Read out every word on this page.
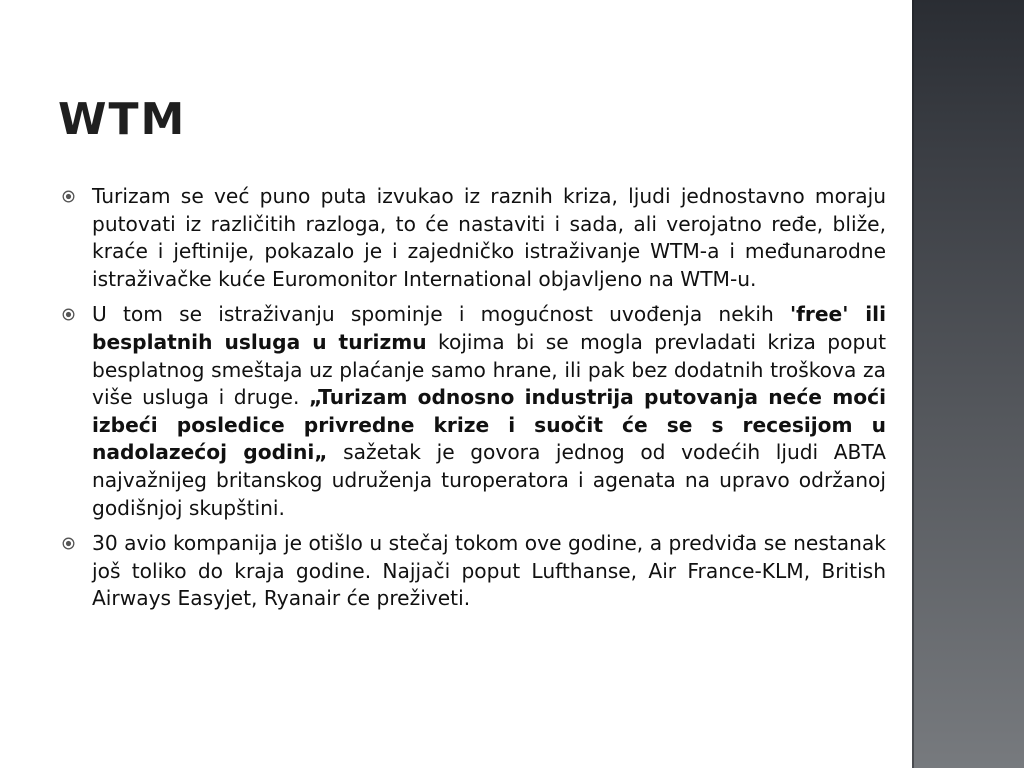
WTM
Turizam se već puno puta izvukao iz raznih kriza, ljudi jednostavno moraju putovati iz različitih razloga, to će nastaviti i sada, ali verojatno ređe, bliže, kraće i jeftinije, pokazalo je i zajedničko istraživanje WTM-a i međunarodne istraživačke kuće Euromonitor International objavljeno na WTM-u.
U tom se istraživanju spominje i mogućnost uvođenja nekih 'free' ili besplatnih usluga u turizmu kojima bi se mogla prevladati kriza poput besplatnog smeštaja uz plaćanje samo hrane, ili pak bez dodatnih troškova za više usluga i druge. „Turizam odnosno industrija putovanja neće moći izbeći posledice privredne krize i suočit će se s recesijom u nadolazećoj godini„ sažetak je govora jednog od vodećih ljudi ABTA najvažnijeg britanskog udruženja turoperatora i agenata na upravo održanoj godišnjoj skupštini.
30 avio kompanija je otišlo u stečaj tokom ove godine, a predviđa se nestanak još toliko do kraja godine. Najjači poput Lufthanse, Air France-KLM, British Airways Easyjet, Ryanair će preživeti.
